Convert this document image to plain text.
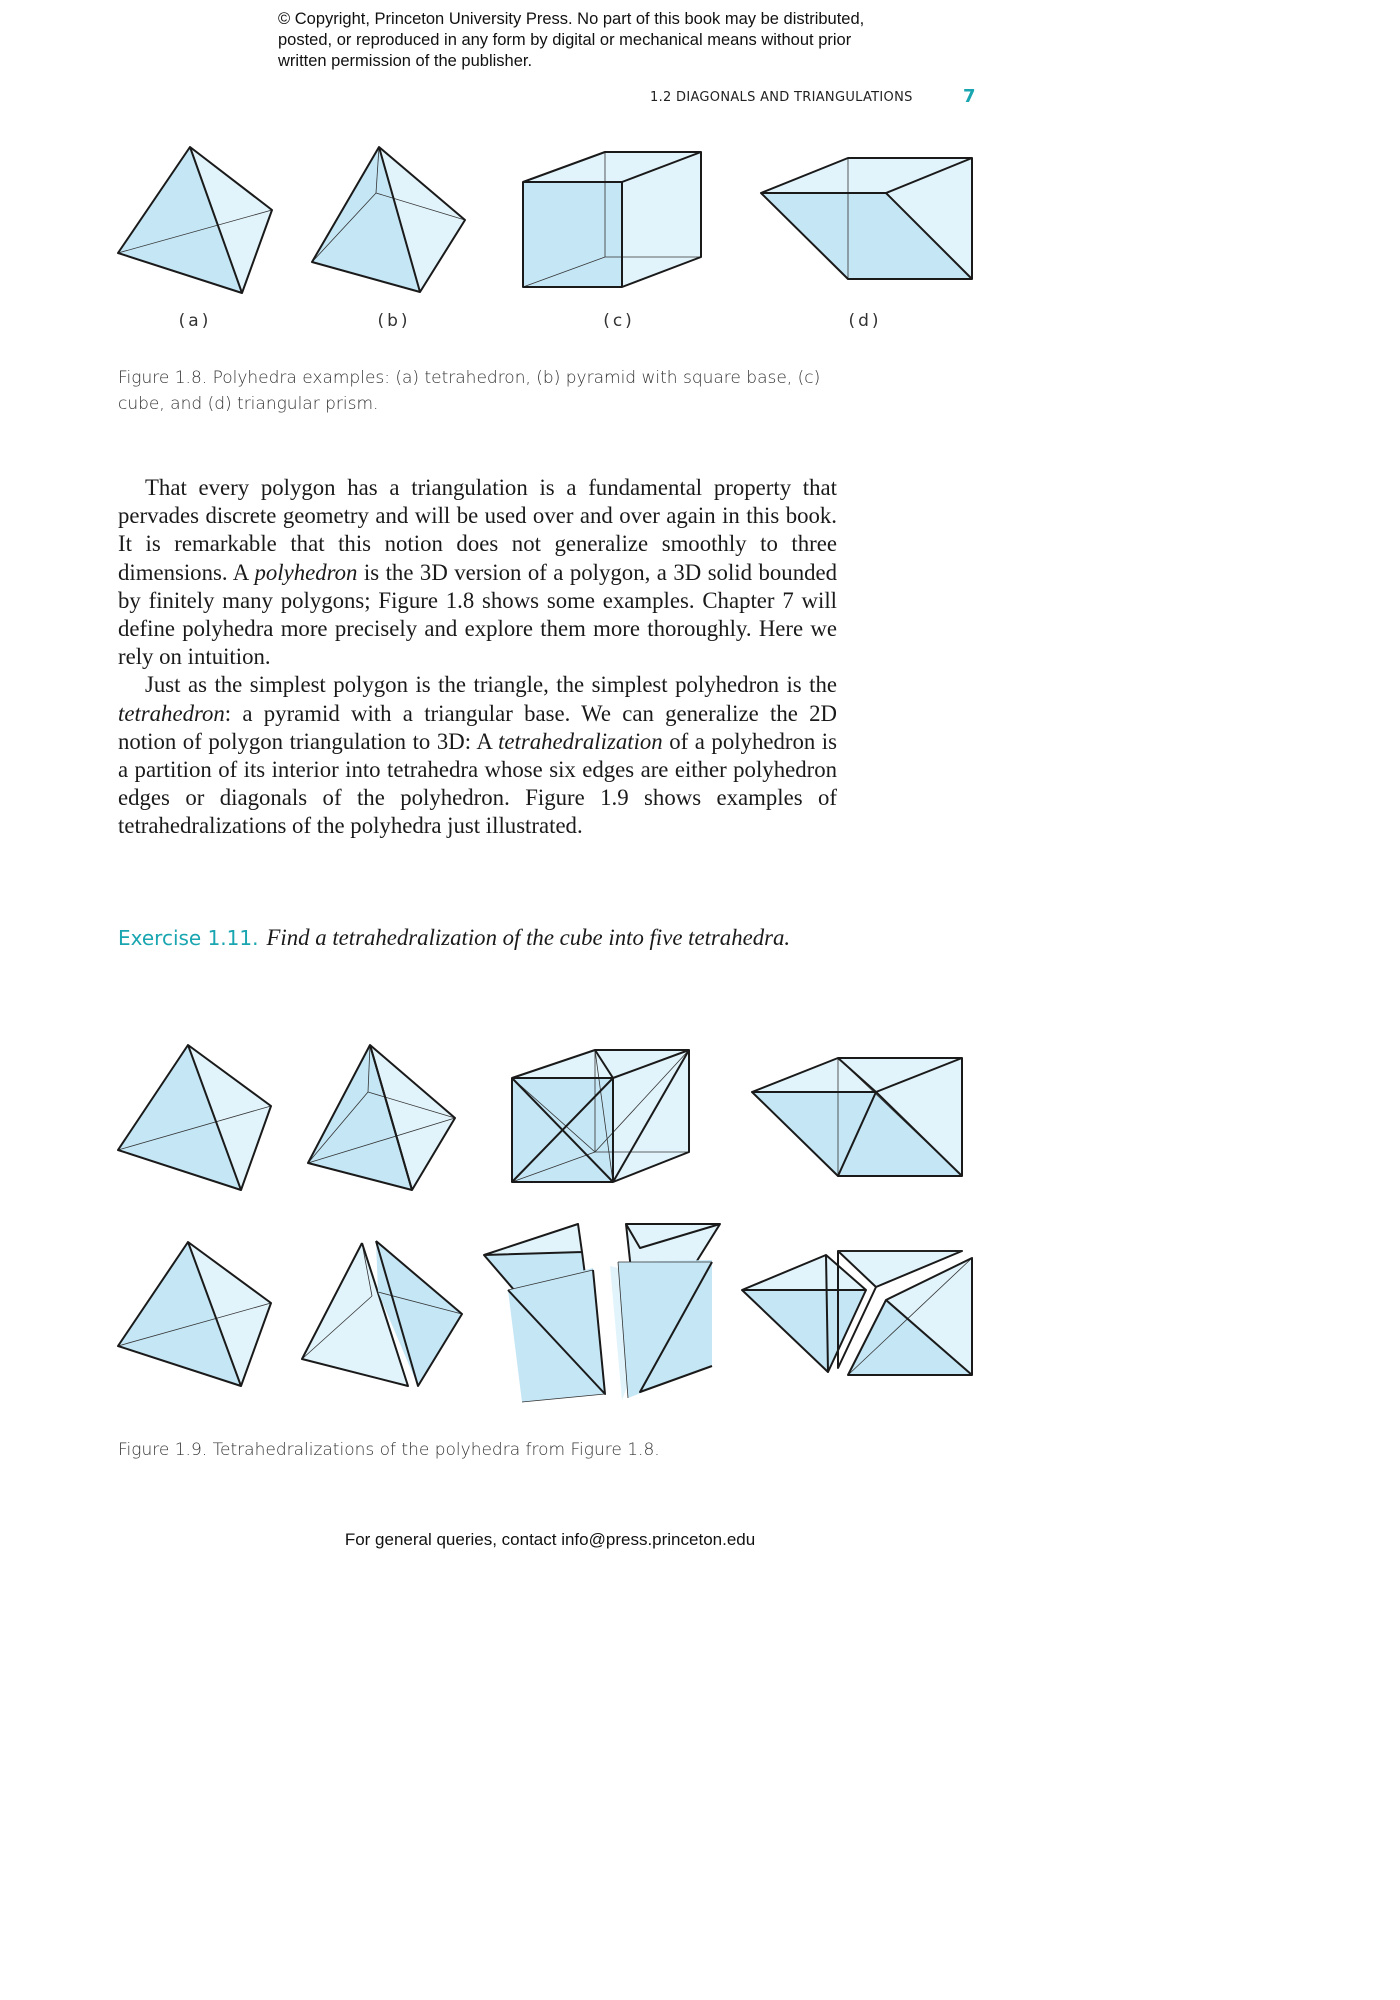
© Copyright, Princeton University Press. No part of this book may be distributed, posted, or reproduced in any form by digital or mechanical means without prior written permission of the publisher.
1.2 DIAGONALS AND TRIANGULATIONS	7
(a)	(b)	(c)	(d)
Figure 1.8. Polyhedra examples: (a) tetrahedron, (b) pyramid with square base, (c) cube, and (d) triangular prism.

That every polygon has a triangulation is a fundamental property that pervades discrete geometry and will be used over and over again in this book. It is remarkable that this notion does not generalize smoothly to three dimensions. A polyhedron is the 3D version of a polygon, a 3D solid bounded by finitely many polygons; Figure 1.8 shows some examples. Chapter 7 will define polyhedra more precisely and explore them more thoroughly. Here we rely on intuition.

Just as the simplest polygon is the triangle, the simplest polyhedron is the tetrahedron: a pyramid with a triangular base. We can generalize the 2D notion of polygon triangulation to 3D: A tetrahedralization of a polyhedron is a partition of its interior into tetrahedra whose six edges are either polyhedron edges or diagonals of the polyhedron. Figure 1.9 shows examples of tetrahedralizations of the polyhedra just illustrated.

Exercise 1.11. Find a tetrahedralization of the cube into five tetrahedra.
Figure 1.9. Tetrahedralizations of the polyhedra from Figure 1.8.
For general queries, contact info@press.princeton.edu
